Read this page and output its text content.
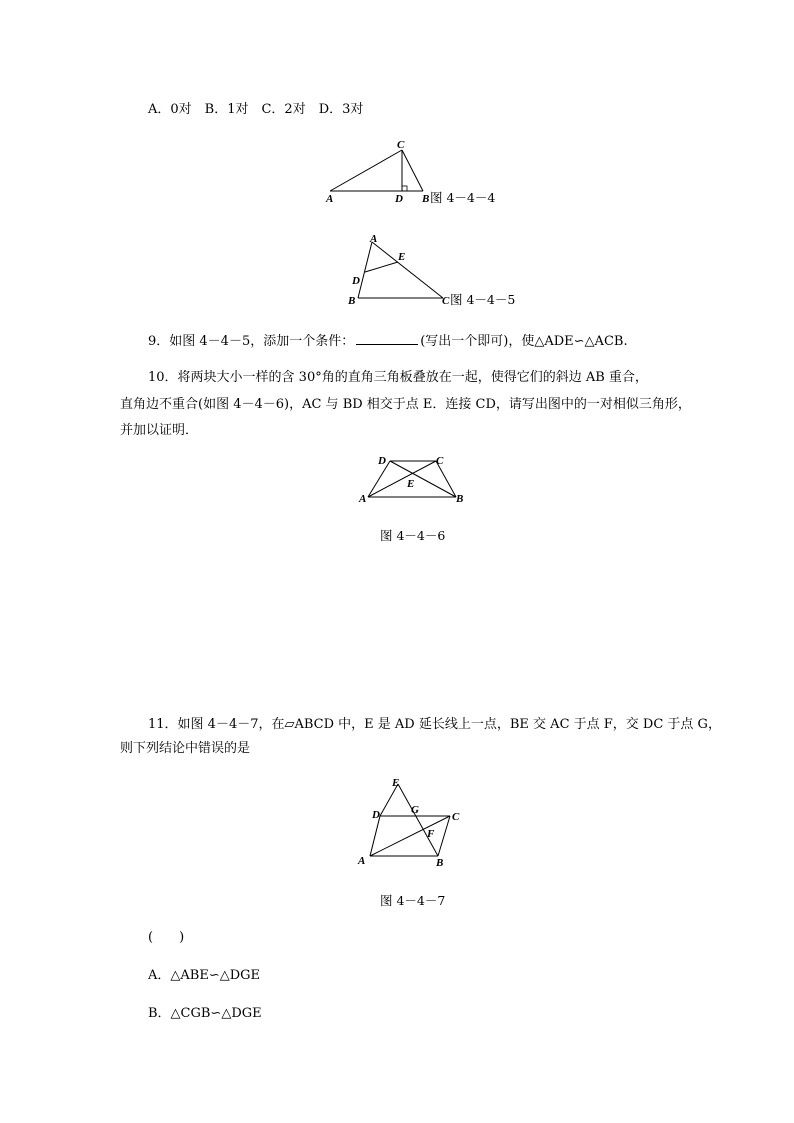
A．0对　B．1对　C．2对　D．3对
A	D B
C
图 4－4－4
A
E
D
B	C 图 4－4－5
9．如图 4－4－5，添加一个条件：	(写出一个即可)，使△ADE∽△ACB.
10．将两块大小一样的含 30°角的直角三角板叠放在一起，使得它们的斜边 AB 重合，
直角边不重合(如图 4－4－6)，AC 与 BD 相交于点 E．连接 CD，请写出图中的一对相似三角形，
并加以证明．
D	C
E
A	B
图 4－4－6
11．如图 4－4－7，在▱ABCD 中，E 是 AD 延长线上一点，BE 交 AC 于点 F，交 DC 于点 G，
则下列结论中错误的是
E
D	G
C
F
A	B
图 4－4－7
(　　)
A．△ABE∽△DGE
B．△CGB∽△DGE
